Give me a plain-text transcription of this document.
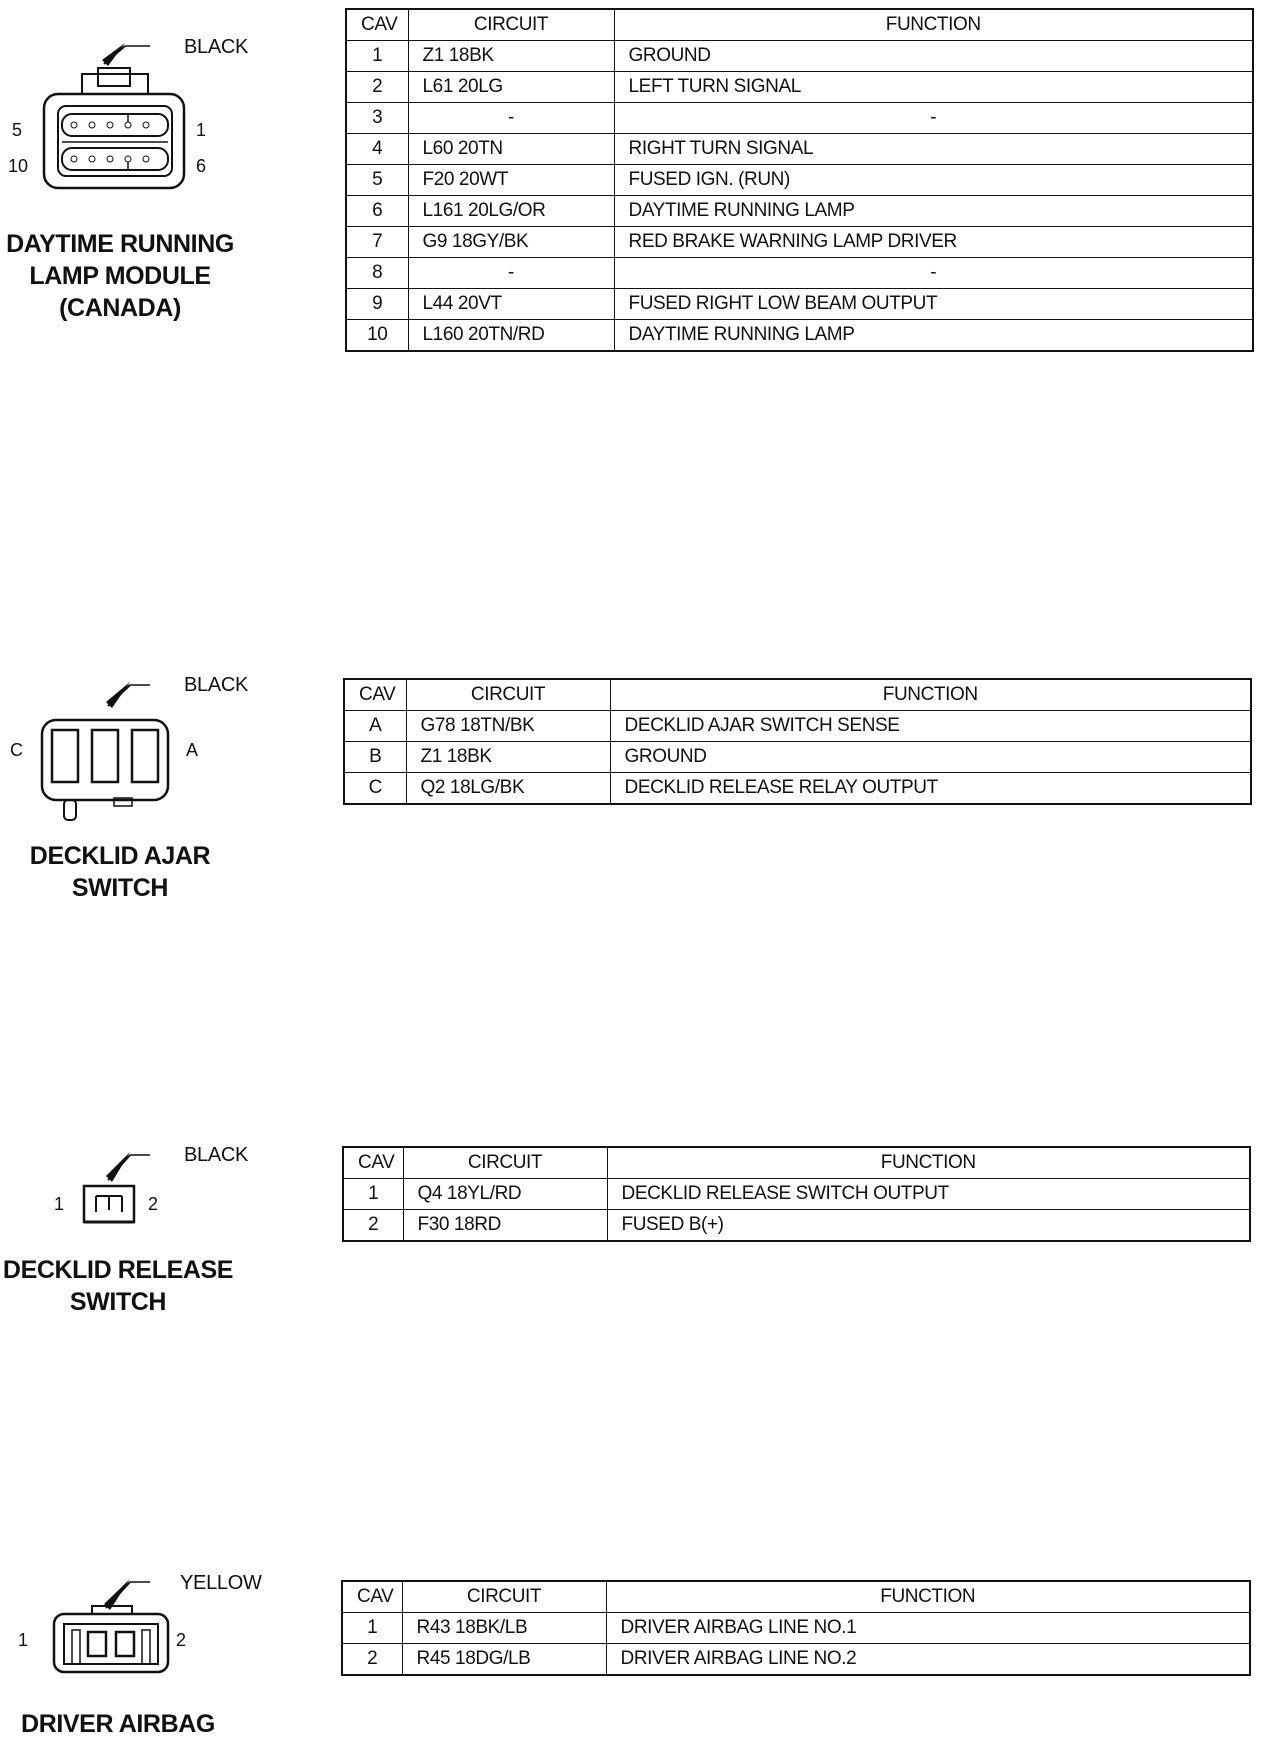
BLACK
5
10
1
6
DAYTIME RUNNING
LAMP MODULE
(CANADA)
CAV	CIRCUIT	FUNCTION
1	Z1 18BK	GROUND
2	L61 20LG	LEFT TURN SIGNAL
3	-	-
4	L60 20TN	RIGHT TURN SIGNAL
5	F20 20WT	FUSED IGN. (RUN)
6	L161 20LG/OR	DAYTIME RUNNING LAMP
7	G9 18GY/BK	RED BRAKE WARNING LAMP DRIVER
8	-	-
9	L44 20VT	FUSED RIGHT LOW BEAM OUTPUT
10	L160 20TN/RD	DAYTIME RUNNING LAMP
BLACK
C	A
DECKLID AJAR
SWITCH
CAV	CIRCUIT	FUNCTION
A	G78 18TN/BK	DECKLID AJAR SWITCH SENSE
B	Z1 18BK	GROUND
C	Q2 18LG/BK	DECKLID RELEASE RELAY OUTPUT
BLACK
1	2
DECKLID RELEASE
SWITCH
CAV	CIRCUIT	FUNCTION
1	Q4 18YL/RD	DECKLID RELEASE SWITCH OUTPUT
2	F30 18RD	FUSED B(+)
YELLOW
1	2
DRIVER AIRBAG
CAV	CIRCUIT	FUNCTION
1	R43 18BK/LB	DRIVER AIRBAG LINE NO.1
2	R45 18DG/LB	DRIVER AIRBAG LINE NO.2
